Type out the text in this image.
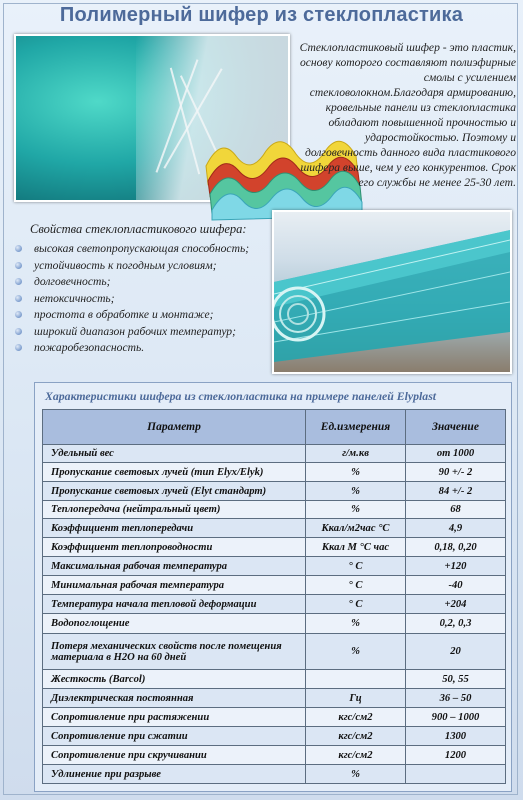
Полимерный шифер из стеклопластика
Стеклопластиковый шифер - это пластик, основу которого составляют полиэфирные смолы с усилением стекловолокном.Благодаря армированию, кровельные панели из стеклопластика обладают повышенной прочностью и ударостойкостью. Поэтому и долговечность данного вида пластикового шифера выше, чем у его конкурентов. Срок его службы не менее 25-30 лет.
Свойства стеклопластикового шифера:
высокая светопропускающая способность;
устойчивость к погодным условиям;
долговечность;
нетоксичность;
простота в обработке и монтаже;
широкий диапазон рабочих температур;
пожаробезопасность.
Характеристики шифера из стеклопластика на примере панелей Elyplast
Параметр	Ед.измерения	Значение
Удельный вес	г/м.кв	от 1000
Пропускание световых лучей (тип Elyx/Elyk)	%	90 +/- 2
Пропускание световых лучей (Elyt стандарт)	%	84 +/- 2
Теплопередача (нейтральный цвет)	%	68
Коэффициент теплопередачи	Ккал/м2час °C	4,9
Коэффициент теплопроводности	Ккал М °C час	0,18, 0,20
Максимальная рабочая температура	° C	+120
Минимальная рабочая температура	° C	-40
Температура начала тепловой деформации	° C	+204
Водопоглощение	%	0,2, 0,3
Потеря механических свойств после помещения материала в H2O на 60 дней	%	20
Жесткость (Barcol)		50, 55
Диэлектрическая постоянная	Гц	36 – 50
Сопротивление при растяжении	кгс/см2	900 – 1000
Сопротивление при сжатии	кгс/см2	1300
Сопротивление при скручивании	кгс/см2	1200
Удлинение при разрыве	%	
